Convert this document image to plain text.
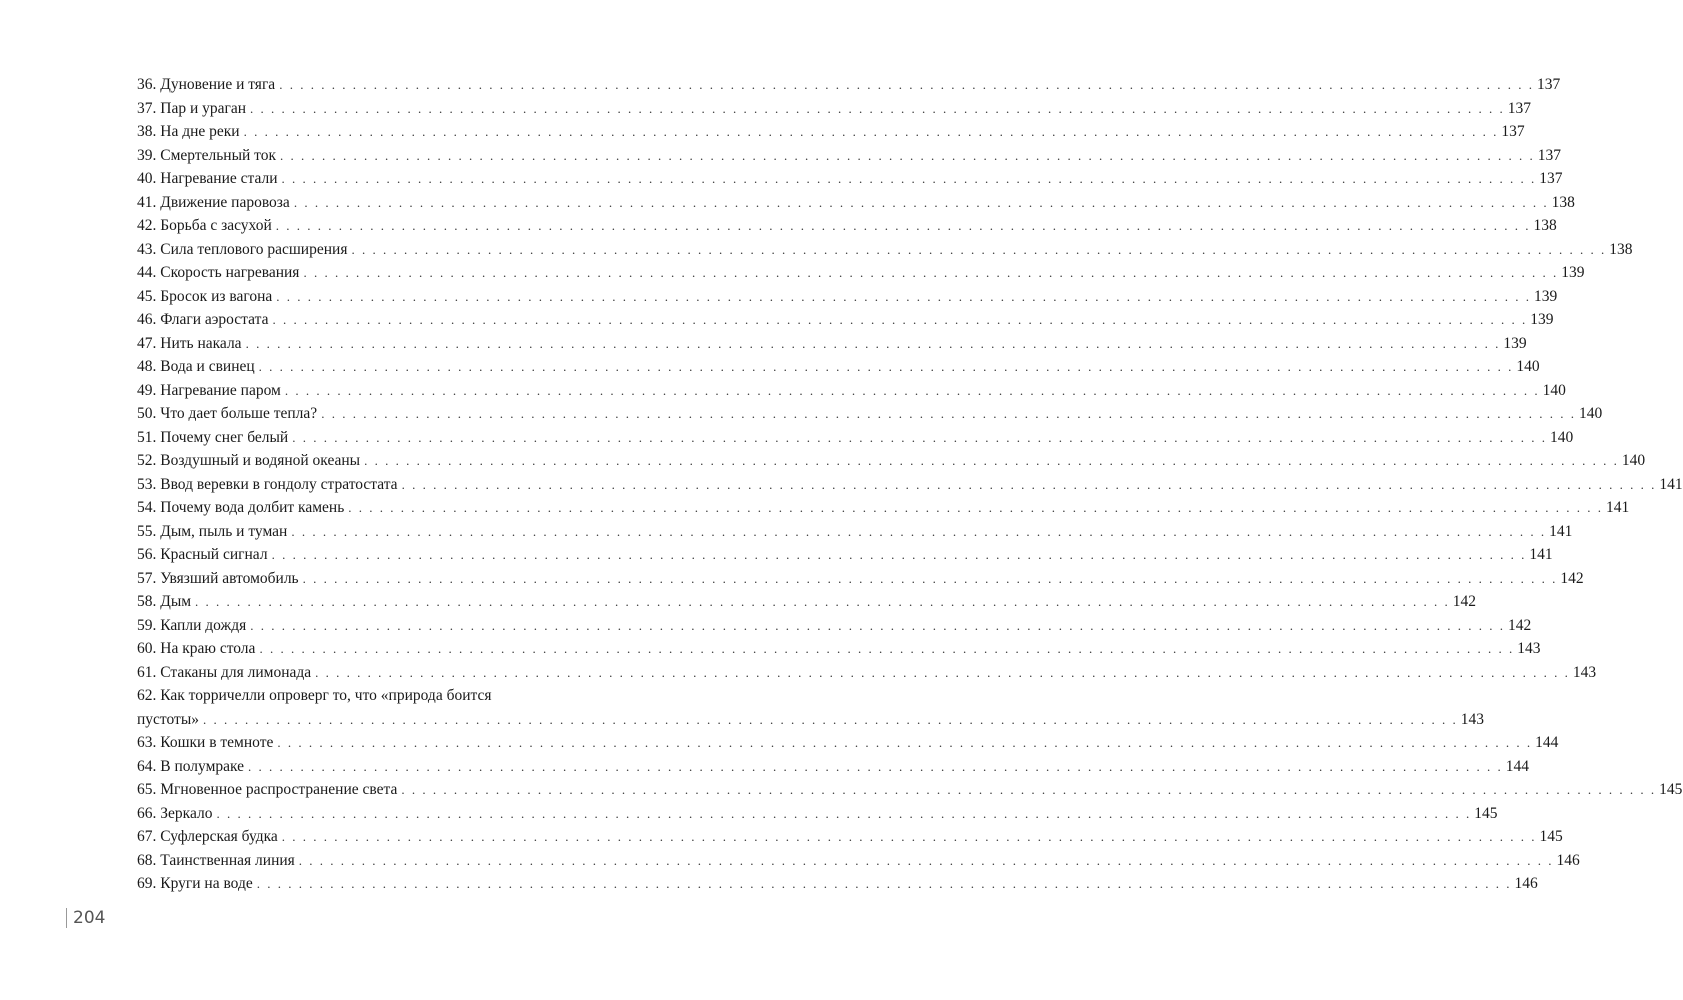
36. Дуновение и тяга . . . . . . . . . . . . . . . . . . . . . . . . . . . . . . . . . . . . . . . . . . . . . . . . . . . . . . . . . . . . . . . . . . . . . . . . . . . . . . . . . . . . . . . . . . . . . . . . . . . . . . . . . . . . . . . . . . . . . . . . 137
37. Пар и ураган . . . . . . . . . . . . . . . . . . . . . . . . . . . . . . . . . . . . . . . . . . . . . . . . . . . . . . . . . . . . . . . . . . . . . . . . . . . . . . . . . . . . . . . . . . . . . . . . . . . . . . . . . . . . . . . . . . . . . . . . 137
38. На дне реки . . . . . . . . . . . . . . . . . . . . . . . . . . . . . . . . . . . . . . . . . . . . . . . . . . . . . . . . . . . . . . . . . . . . . . . . . . . . . . . . . . . . . . . . . . . . . . . . . . . . . . . . . . . . . . . . . . . . . . . . 137
39. Смертельный ток . . . . . . . . . . . . . . . . . . . . . . . . . . . . . . . . . . . . . . . . . . . . . . . . . . . . . . . . . . . . . . . . . . . . . . . . . . . . . . . . . . . . . . . . . . . . . . . . . . . . . . . . . . . . . . . . . . . . . . . . 137
40. Нагревание стали . . . . . . . . . . . . . . . . . . . . . . . . . . . . . . . . . . . . . . . . . . . . . . . . . . . . . . . . . . . . . . . . . . . . . . . . . . . . . . . . . . . . . . . . . . . . . . . . . . . . . . . . . . . . . . . . . . . . . . . . 137
41. Движение паровоза . . . . . . . . . . . . . . . . . . . . . . . . . . . . . . . . . . . . . . . . . . . . . . . . . . . . . . . . . . . . . . . . . . . . . . . . . . . . . . . . . . . . . . . . . . . . . . . . . . . . . . . . . . . . . . . . . . . . . . . . 138
42. Борьба с засухой . . . . . . . . . . . . . . . . . . . . . . . . . . . . . . . . . . . . . . . . . . . . . . . . . . . . . . . . . . . . . . . . . . . . . . . . . . . . . . . . . . . . . . . . . . . . . . . . . . . . . . . . . . . . . . . . . . . . . . . . 138
43. Сила теплового расширения . . . . . . . . . . . . . . . . . . . . . . . . . . . . . . . . . . . . . . . . . . . . . . . . . . . . . . . . . . . . . . . . . . . . . . . . . . . . . . . . . . . . . . . . . . . . . . . . . . . . . . . . . . . . . . . . . . . . . . . . 138
44. Скорость нагревания . . . . . . . . . . . . . . . . . . . . . . . . . . . . . . . . . . . . . . . . . . . . . . . . . . . . . . . . . . . . . . . . . . . . . . . . . . . . . . . . . . . . . . . . . . . . . . . . . . . . . . . . . . . . . . . . . . . . . . . . 139
45. Бросок из вагона . . . . . . . . . . . . . . . . . . . . . . . . . . . . . . . . . . . . . . . . . . . . . . . . . . . . . . . . . . . . . . . . . . . . . . . . . . . . . . . . . . . . . . . . . . . . . . . . . . . . . . . . . . . . . . . . . . . . . . . . 139
46. Флаги аэростата . . . . . . . . . . . . . . . . . . . . . . . . . . . . . . . . . . . . . . . . . . . . . . . . . . . . . . . . . . . . . . . . . . . . . . . . . . . . . . . . . . . . . . . . . . . . . . . . . . . . . . . . . . . . . . . . . . . . . . . . 139
47. Нить накала . . . . . . . . . . . . . . . . . . . . . . . . . . . . . . . . . . . . . . . . . . . . . . . . . . . . . . . . . . . . . . . . . . . . . . . . . . . . . . . . . . . . . . . . . . . . . . . . . . . . . . . . . . . . . . . . . . . . . . . . 139
48. Вода и свинец . . . . . . . . . . . . . . . . . . . . . . . . . . . . . . . . . . . . . . . . . . . . . . . . . . . . . . . . . . . . . . . . . . . . . . . . . . . . . . . . . . . . . . . . . . . . . . . . . . . . . . . . . . . . . . . . . . . . . . . . 140
49. Нагревание паром . . . . . . . . . . . . . . . . . . . . . . . . . . . . . . . . . . . . . . . . . . . . . . . . . . . . . . . . . . . . . . . . . . . . . . . . . . . . . . . . . . . . . . . . . . . . . . . . . . . . . . . . . . . . . . . . . . . . . . . . 140
50. Что дает больше тепла? . . . . . . . . . . . . . . . . . . . . . . . . . . . . . . . . . . . . . . . . . . . . . . . . . . . . . . . . . . . . . . . . . . . . . . . . . . . . . . . . . . . . . . . . . . . . . . . . . . . . . . . . . . . . . . . . . . . . . . . . 140
51. Почему снег белый . . . . . . . . . . . . . . . . . . . . . . . . . . . . . . . . . . . . . . . . . . . . . . . . . . . . . . . . . . . . . . . . . . . . . . . . . . . . . . . . . . . . . . . . . . . . . . . . . . . . . . . . . . . . . . . . . . . . . . . . 140
52. Воздушный и водяной океаны . . . . . . . . . . . . . . . . . . . . . . . . . . . . . . . . . . . . . . . . . . . . . . . . . . . . . . . . . . . . . . . . . . . . . . . . . . . . . . . . . . . . . . . . . . . . . . . . . . . . . . . . . . . . . . . . . . . . . . . . 140
53. Ввод веревки в гондолу стратостата . . . . . . . . . . . . . . . . . . . . . . . . . . . . . . . . . . . . . . . . . . . . . . . . . . . . . . . . . . . . . . . . . . . . . . . . . . . . . . . . . . . . . . . . . . . . . . . . . . . . . . . . . . . . . . . . . . . . . . . . 141
54. Почему вода долбит камень . . . . . . . . . . . . . . . . . . . . . . . . . . . . . . . . . . . . . . . . . . . . . . . . . . . . . . . . . . . . . . . . . . . . . . . . . . . . . . . . . . . . . . . . . . . . . . . . . . . . . . . . . . . . . . . . . . . . . . . . 141
55. Дым, пыль и туман . . . . . . . . . . . . . . . . . . . . . . . . . . . . . . . . . . . . . . . . . . . . . . . . . . . . . . . . . . . . . . . . . . . . . . . . . . . . . . . . . . . . . . . . . . . . . . . . . . . . . . . . . . . . . . . . . . . . . . . . 141
56. Красный сигнал . . . . . . . . . . . . . . . . . . . . . . . . . . . . . . . . . . . . . . . . . . . . . . . . . . . . . . . . . . . . . . . . . . . . . . . . . . . . . . . . . . . . . . . . . . . . . . . . . . . . . . . . . . . . . . . . . . . . . . . . 141
57. Увязший автомобиль . . . . . . . . . . . . . . . . . . . . . . . . . . . . . . . . . . . . . . . . . . . . . . . . . . . . . . . . . . . . . . . . . . . . . . . . . . . . . . . . . . . . . . . . . . . . . . . . . . . . . . . . . . . . . . . . . . . . . . . . 142
58. Дым . . . . . . . . . . . . . . . . . . . . . . . . . . . . . . . . . . . . . . . . . . . . . . . . . . . . . . . . . . . . . . . . . . . . . . . . . . . . . . . . . . . . . . . . . . . . . . . . . . . . . . . . . . . . . . . . . . . . . . . . 142
59. Капли дождя . . . . . . . . . . . . . . . . . . . . . . . . . . . . . . . . . . . . . . . . . . . . . . . . . . . . . . . . . . . . . . . . . . . . . . . . . . . . . . . . . . . . . . . . . . . . . . . . . . . . . . . . . . . . . . . . . . . . . . . . 142
60. На краю стола . . . . . . . . . . . . . . . . . . . . . . . . . . . . . . . . . . . . . . . . . . . . . . . . . . . . . . . . . . . . . . . . . . . . . . . . . . . . . . . . . . . . . . . . . . . . . . . . . . . . . . . . . . . . . . . . . . . . . . . . 143
61. Стаканы для лимонада . . . . . . . . . . . . . . . . . . . . . . . . . . . . . . . . . . . . . . . . . . . . . . . . . . . . . . . . . . . . . . . . . . . . . . . . . . . . . . . . . . . . . . . . . . . . . . . . . . . . . . . . . . . . . . . . . . . . . . . . 143
62. Как торричелли опроверг то, что «природа боится
пустоты» . . . . . . . . . . . . . . . . . . . . . . . . . . . . . . . . . . . . . . . . . . . . . . . . . . . . . . . . . . . . . . . . . . . . . . . . . . . . . . . . . . . . . . . . . . . . . . . . . . . . . . . . . . . . . . . . . . . . . . . . 143
63. Кошки в темноте . . . . . . . . . . . . . . . . . . . . . . . . . . . . . . . . . . . . . . . . . . . . . . . . . . . . . . . . . . . . . . . . . . . . . . . . . . . . . . . . . . . . . . . . . . . . . . . . . . . . . . . . . . . . . . . . . . . . . . . . 144
64. В полумраке . . . . . . . . . . . . . . . . . . . . . . . . . . . . . . . . . . . . . . . . . . . . . . . . . . . . . . . . . . . . . . . . . . . . . . . . . . . . . . . . . . . . . . . . . . . . . . . . . . . . . . . . . . . . . . . . . . . . . . . . 144
65. Мгновенное распространение света . . . . . . . . . . . . . . . . . . . . . . . . . . . . . . . . . . . . . . . . . . . . . . . . . . . . . . . . . . . . . . . . . . . . . . . . . . . . . . . . . . . . . . . . . . . . . . . . . . . . . . . . . . . . . . . . . . . . . . . . 145
66. Зеркало . . . . . . . . . . . . . . . . . . . . . . . . . . . . . . . . . . . . . . . . . . . . . . . . . . . . . . . . . . . . . . . . . . . . . . . . . . . . . . . . . . . . . . . . . . . . . . . . . . . . . . . . . . . . . . . . . . . . . . . . 145
67. Суфлерская будка . . . . . . . . . . . . . . . . . . . . . . . . . . . . . . . . . . . . . . . . . . . . . . . . . . . . . . . . . . . . . . . . . . . . . . . . . . . . . . . . . . . . . . . . . . . . . . . . . . . . . . . . . . . . . . . . . . . . . . . . 145
68. Таинственная линия . . . . . . . . . . . . . . . . . . . . . . . . . . . . . . . . . . . . . . . . . . . . . . . . . . . . . . . . . . . . . . . . . . . . . . . . . . . . . . . . . . . . . . . . . . . . . . . . . . . . . . . . . . . . . . . . . . . . . . . . 146
69. Круги на воде . . . . . . . . . . . . . . . . . . . . . . . . . . . . . . . . . . . . . . . . . . . . . . . . . . . . . . . . . . . . . . . . . . . . . . . . . . . . . . . . . . . . . . . . . . . . . . . . . . . . . . . . . . . . . . . . . . . . . . . . 146
204
